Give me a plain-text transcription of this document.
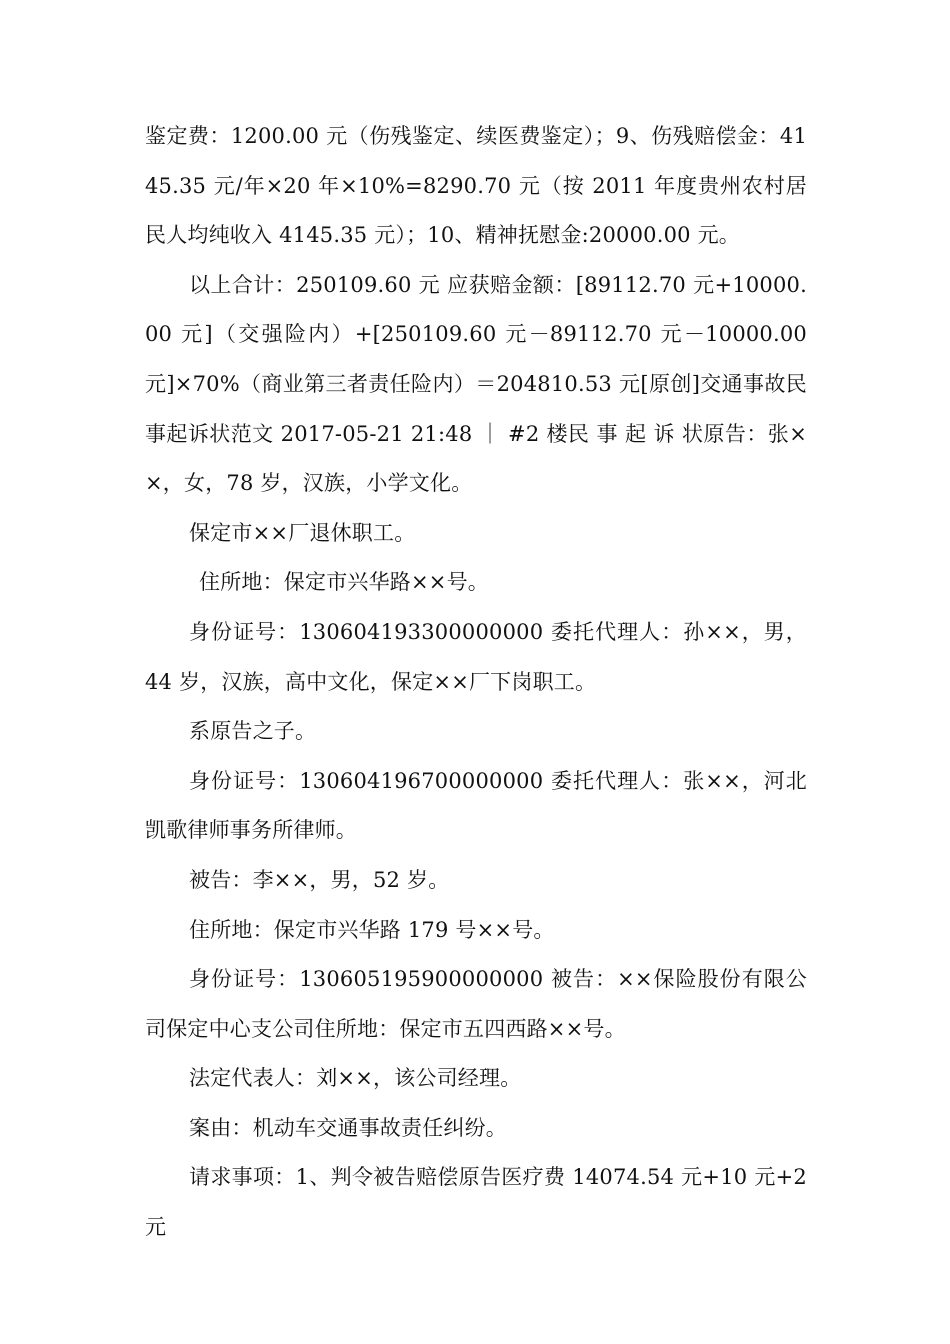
鉴定费：1200.00 元（伤残鉴定、续医费鉴定）；9、伤残赔偿金：4145.35 元/年×20 年×10%=8290.70 元（按 2011 年度贵州农村居民人均纯收入 4145.35 元）；10、精神抚慰金:20000.00 元。

以上合计：250109.60 元 应获赔金额：[89112.70 元+10000.00 元]（交强险内）+[250109.60 元－89112.70 元－10000.00 元]×70%（商业第三者责任险内）＝204810.53 元[原创]交通事故民事起诉状范文 2017-05-21 21:48 ｜ #2 楼民 事 起 诉 状原告：张××，女，78 岁，汉族，小学文化。

保定市××厂退休职工。

住所地：保定市兴华路××号。

身份证号：130604193300000000 委托代理人：孙××，男，44 岁，汉族，高中文化，保定××厂下岗职工。

系原告之子。

身份证号：130604196700000000 委托代理人：张××，河北凯歌律师事务所律师。

被告：李××，男，52 岁。

住所地：保定市兴华路 179 号××号。

身份证号：130605195900000000 被告：××保险股份有限公司保定中心支公司住所地：保定市五四西路××号。

法定代表人：刘××，该公司经理。

案由：机动车交通事故责任纠纷。

请求事项：1、判令被告赔偿原告医疗费 14074.54 元+10 元+2 元
